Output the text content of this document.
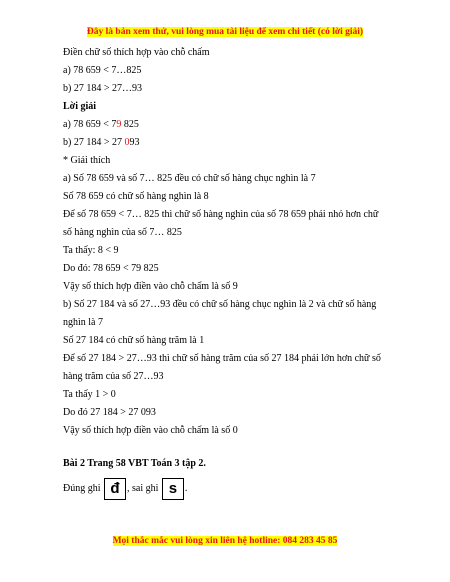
Đây là bản xem thử, vui lòng mua tài liệu để xem chi tiết (có lời giải)
Điền chữ số thích hợp vào chỗ chấm
a) 78 659 < 7…825
b) 27 184 > 27…93
Lời giải
a) 78 659 < 79 825
b) 27 184 > 27 093
* Giải thích
a) Số 78 659 và số 7… 825 đều có chữ số hàng chục nghìn là 7
Số 78 659 có chữ số hàng nghìn là 8
Để số 78 659 < 7… 825 thì chữ số hàng nghìn của số 78 659 phải nhỏ hơn chữ
số hàng nghìn của số 7… 825
Ta thấy: 8 < 9
Do đó: 78 659 < 79 825
Vậy số thích hợp điền vào chỗ chấm là số 9
b) Số 27 184 và số 27…93 đều có chữ số hàng chục nghìn là 2 và chữ số hàng
nghìn là 7
Số 27 184 có chữ số hàng trăm là 1
Để số 27 184 > 27…93 thì chữ số hàng trăm của số 27 184 phải lớn hơn chữ số
hàng trăm của số 27…93
Ta thấy 1 > 0
Do đó 27 184 > 27 093
Vậy số thích hợp điền vào chỗ chấm là số 0
Bài 2 Trang 58 VBT Toán 3 tập 2.
Đúng ghi đ , sai ghi s .
Mọi thắc mắc vui lòng xin liên hệ hotline: 084 283 45 85
